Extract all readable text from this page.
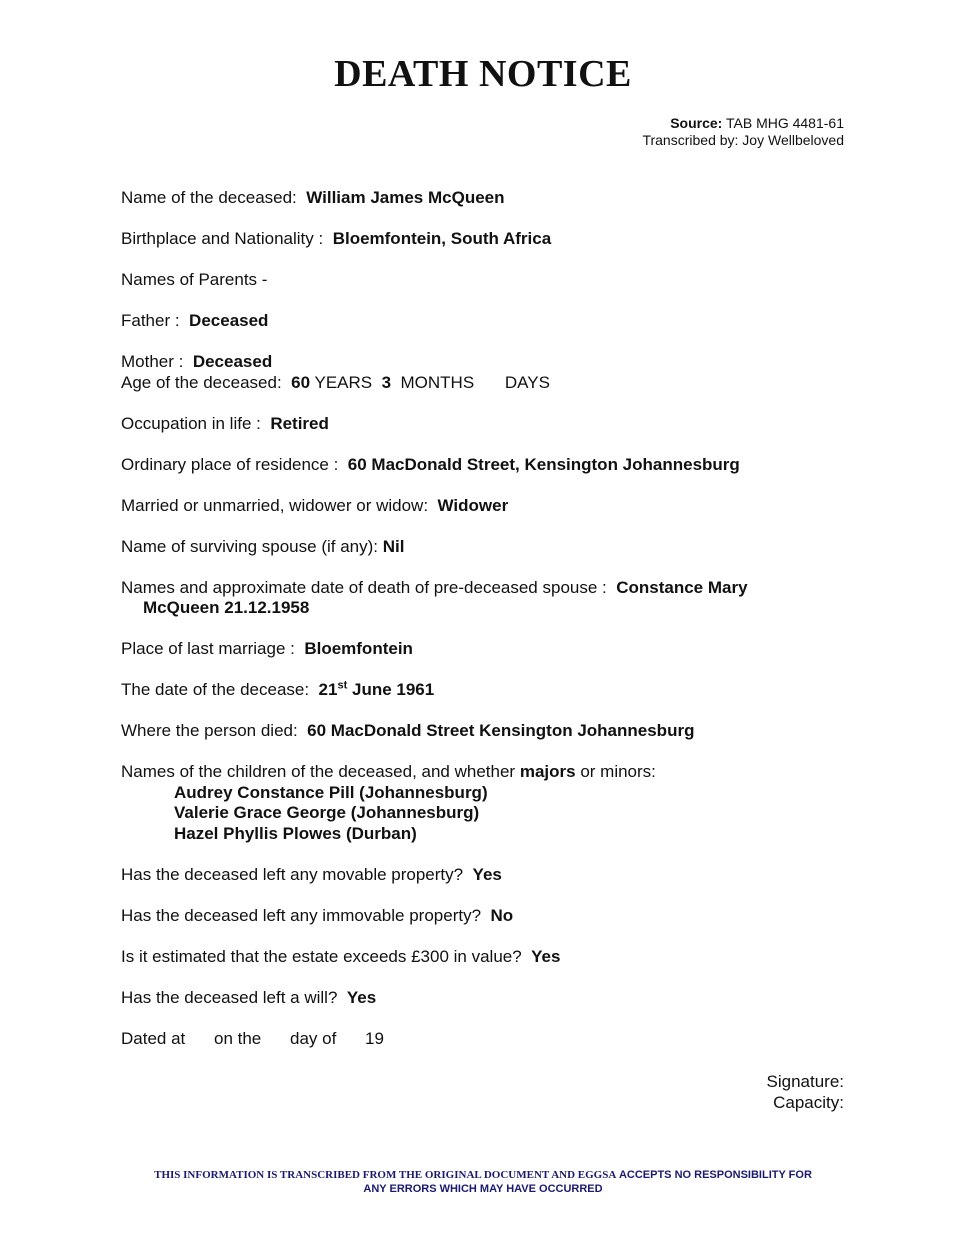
DEATH NOTICE
Source: TAB MHG 4481-61
Transcribed by: Joy Wellbeloved
Name of the deceased: William James McQueen
Birthplace and Nationality : Bloemfontein, South Africa
Names of Parents -
Father : Deceased
Mother : Deceased
Age of the deceased: 60 YEARS 3 MONTHS DAYS
Occupation in life : Retired
Ordinary place of residence : 60 MacDonald Street, Kensington Johannesburg
Married or unmarried, widower or widow: Widower
Name of surviving spouse (if any): Nil
Names and approximate date of death of pre-deceased spouse : Constance Mary
McQueen 21.12.1958
Place of last marriage : Bloemfontein
The date of the decease: 21st June 1961
Where the person died: 60 MacDonald Street Kensington Johannesburg
Names of the children of the deceased, and whether majors or minors:
Audrey Constance Pill (Johannesburg)
Valerie Grace George (Johannesburg)
Hazel Phyllis Plowes (Durban)
Has the deceased left any movable property? Yes
Has the deceased left any immovable property? No
Is it estimated that the estate exceeds £300 in value? Yes
Has the deceased left a will? Yes
Dated at on the day of 19
Signature:
Capacity:
THIS INFORMATION IS TRANSCRIBED FROM THE ORIGINAL DOCUMENT AND EGGSA ACCEPTS NO RESPONSIBILITY FOR
ANY ERRORS WHICH MAY HAVE OCCURRED
